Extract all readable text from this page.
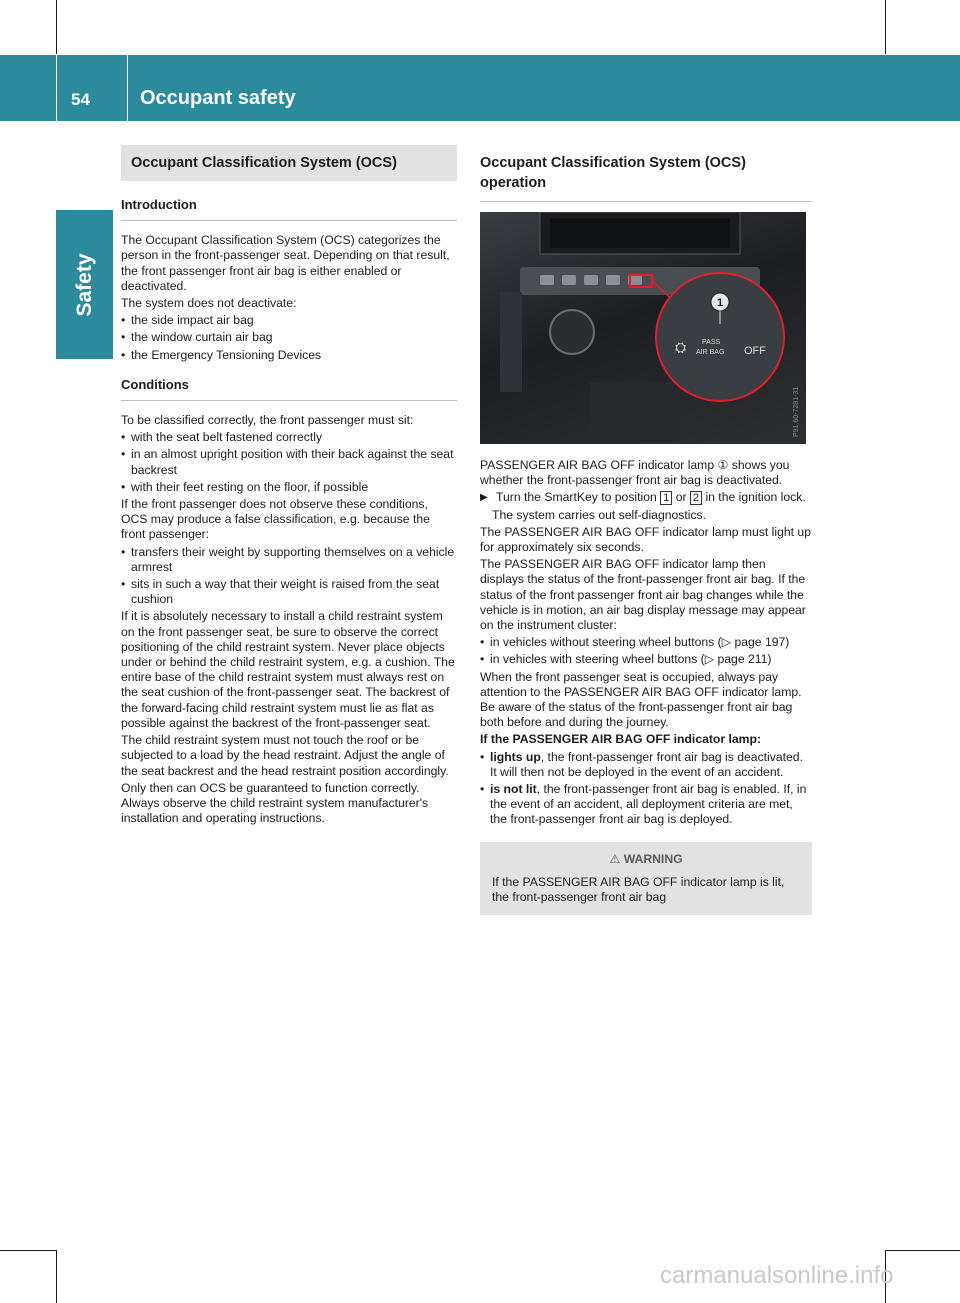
54	Occupant safety
Safety
Occupant Classification System (OCS)
Introduction

The Occupant Classification System (OCS) categorizes the person in the front-passenger seat. Depending on that result, the front passenger front air bag is either enabled or deactivated.

The system does not deactivate:

• the side impact air bag
• the window curtain air bag
• the Emergency Tensioning Devices
Conditions

To be classified correctly, the front passenger must sit:

• with the seat belt fastened correctly
• in an almost upright position with their back against the seat backrest
• with their feet resting on the floor, if possible

If the front passenger does not observe these conditions, OCS may produce a false classification, e.g. because the front passenger:

• transfers their weight by supporting themselves on a vehicle armrest
• sits in such a way that their weight is raised from the seat cushion

If it is absolutely necessary to install a child restraint system on the front passenger seat, be sure to observe the correct positioning of the child restraint system. Never place objects under or behind the child restraint system, e.g. a cushion. The entire base of the child restraint system must always rest on the seat cushion of the front-passenger seat. The backrest of the forward-facing child restraint system must lie as flat as possible against the backrest of the front-passenger seat.

The child restraint system must not touch the roof or be subjected to a load by the head restraint. Adjust the angle of the seat backrest and the head restraint position accordingly.

Only then can OCS be guaranteed to function correctly. Always observe the child restraint system manufacturer's installation and operating instructions.

Occupant Classification System (OCS) operation
1
⛭ PASS
AIR BAG OFF
P91.60-7281-31

PASSENGER AIR BAG OFF indicator lamp ① shows you whether the front-passenger front air bag is deactivated.

▶ Turn the SmartKey to position 1 or 2 in the ignition lock.

The system carries out self-diagnostics.

The PASSENGER AIR BAG OFF indicator lamp must light up for approximately six seconds.

The PASSENGER AIR BAG OFF indicator lamp then displays the status of the front-passenger front air bag. If the status of the front passenger front air bag changes while the vehicle is in motion, an air bag display message may appear on the instrument cluster:

• in vehicles without steering wheel buttons (▷ page 197)
• in vehicles with steering wheel buttons (▷ page 211)

When the front passenger seat is occupied, always pay attention to the PASSENGER AIR BAG OFF indicator lamp. Be aware of the status of the front-passenger front air bag both before and during the journey.

If the PASSENGER AIR BAG OFF indicator lamp:

• lights up, the front-passenger front air bag is deactivated. It will then not be deployed in the event of an accident.
• is not lit, the front-passenger front air bag is enabled. If, in the event of an accident, all deployment criteria are met, the front-passenger front air bag is deployed.
⚠ WARNING

If the PASSENGER AIR BAG OFF indicator lamp is lit, the front-passenger front air bag

carmanualsonline.info
